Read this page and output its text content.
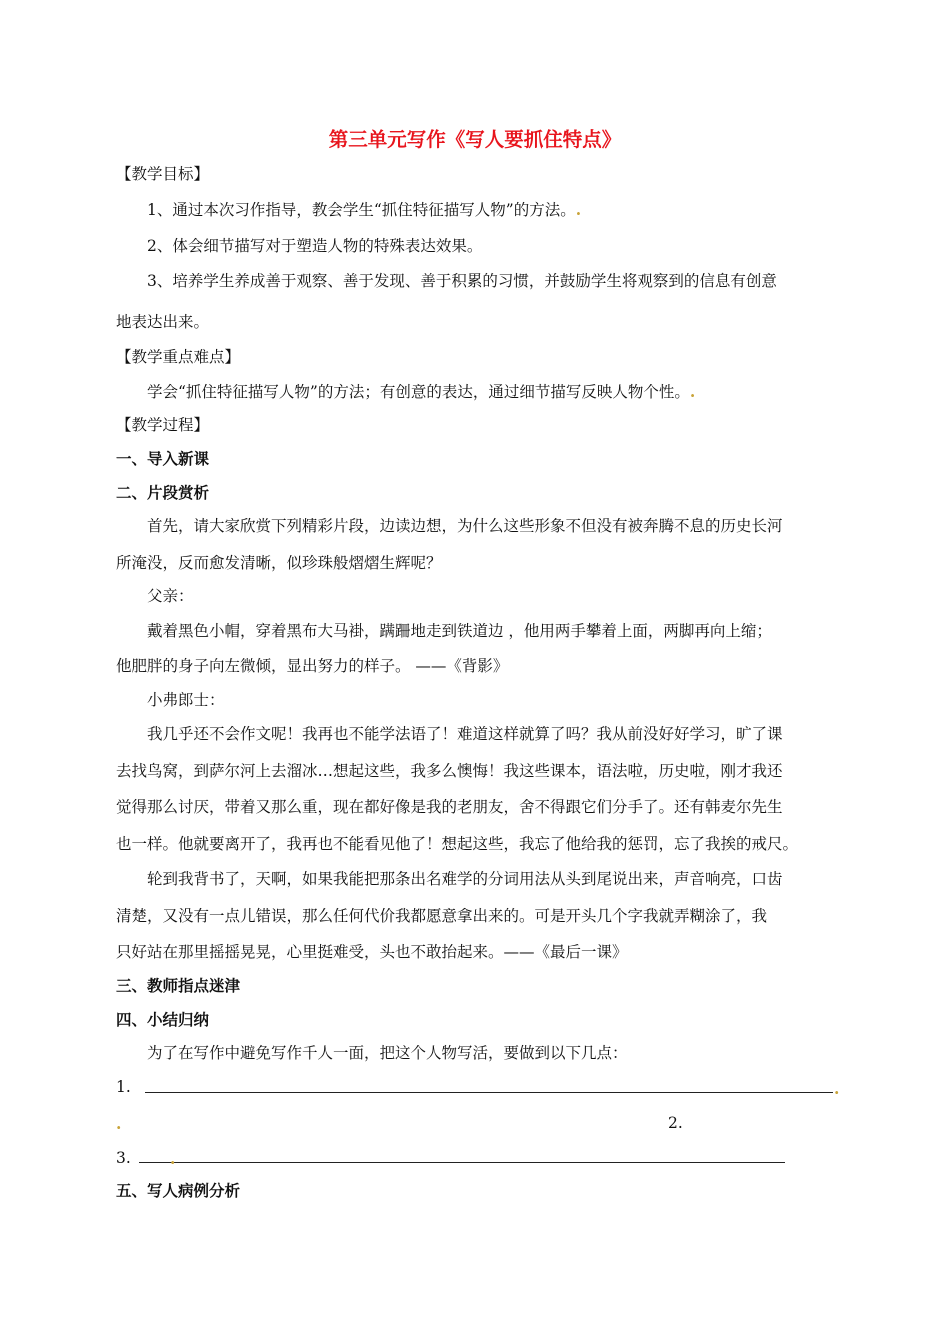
第三单元写作《写人要抓住特点》
【教学目标】
1、通过本次习作指导，教会学生“抓住特征描写人物”的方法。.
2、体会细节描写对于塑造人物的特殊表达效果。
3、培养学生养成善于观察、善于发现、善于积累的习惯，并鼓励学生将观察到的信息有创意
地表达出来。
【教学重点难点】
学会“抓住特征描写人物”的方法；有创意的表达，通过细节描写反映人物个性。.
【教学过程】
一、导入新课
二、片段赏析
首先，请大家欣赏下列精彩片段，边读边想，为什么这些形象不但没有被奔腾不息的历史长河
所淹没，反而愈发清晰，似珍珠般熠熠生辉呢？
父亲：
戴着黑色小帽，穿着黑布大马褂，蹒跚地走到铁道边 ，他用两手攀着上面，两脚再向上缩；
他肥胖的身子向左微倾，显出努力的样子。 ——《背影》
小弗郎士：
我几乎还不会作文呢！我再也不能学法语了！难道这样就算了吗？我从前没好好学习，旷了课
去找鸟窝，到萨尔河上去溜冰…想起这些，我多么懊悔！我这些课本，语法啦，历史啦，刚才我还
觉得那么讨厌，带着又那么重，现在都好像是我的老朋友，舍不得跟它们分手了。还有韩麦尔先生
也一样。他就要离开了，我再也不能看见他了！想起这些，我忘了他给我的惩罚，忘了我挨的戒尺。
轮到我背书了，天啊，如果我能把那条出名难学的分词用法从头到尾说出来，声音响亮，口齿
清楚，又没有一点儿错误，那么任何代价我都愿意拿出来的。可是开头几个字我就弄糊涂了，我
只好站在那里摇摇晃晃，心里挺难受，头也不敢抬起来。——《最后一课》
三、教师指点迷津
四、小结归纳
为了在写作中避免写作千人一面，把这个人物写活，要做到以下几点：
1.	.
.	2.
3.	.
五、写人病例分析
